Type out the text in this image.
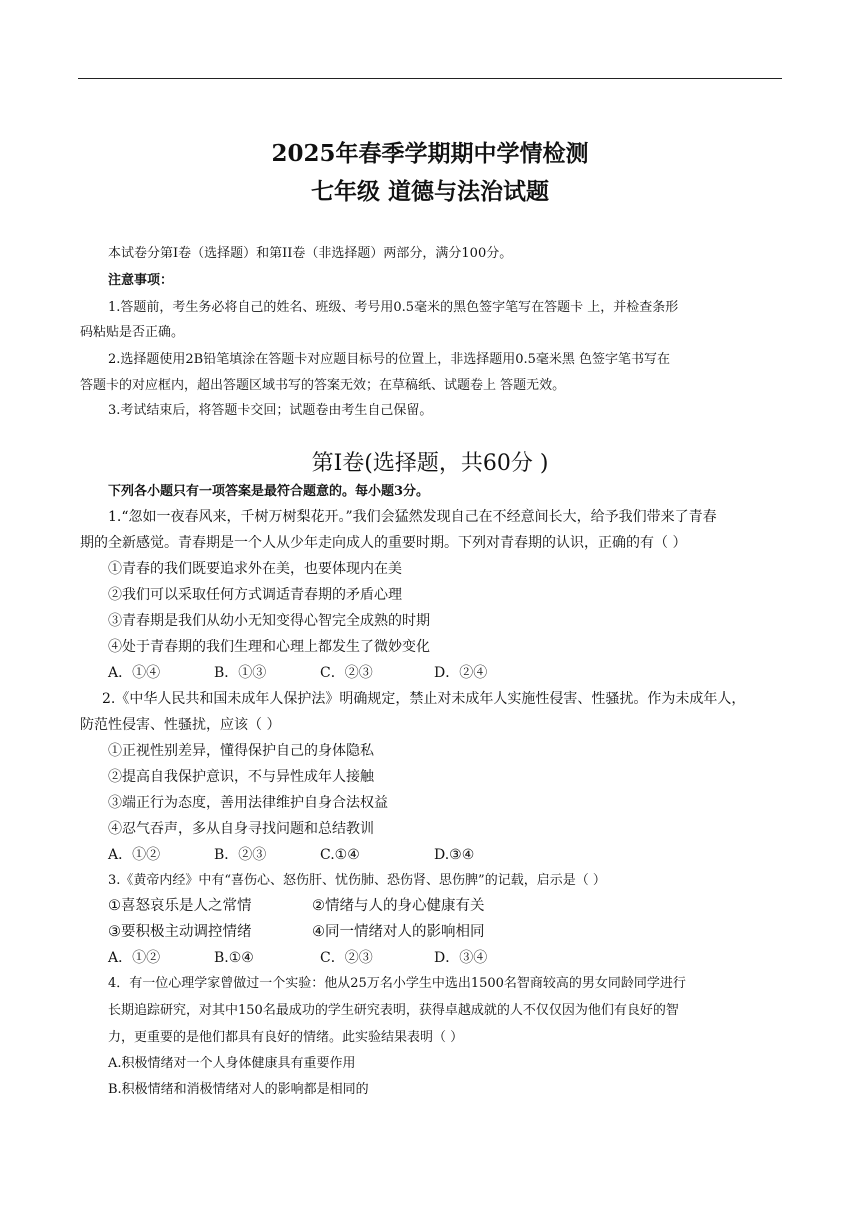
2025年春季学期期中学情检测
七年级 道德与法治试题
本试卷分第Ⅰ卷（选择题）和第II卷（非选择题）两部分，满分100分。
注意事项：
1.答题前，考生务必将自己的姓名、班级、考号用0.5毫米的黑色签字笔写在答题卡 上，并检查条形
码粘贴是否正确。
2.选择题使用2B铅笔填涂在答题卡对应题目标号的位置上，非选择题用0.5毫米黑 色签字笔书写在
答题卡的对应框内，超出答题区域书写的答案无效；在草稿纸、试题卷上 答题无效。
3.考试结束后，将答题卡交回；试题卷由考生自己保留。
第Ⅰ卷(选择题，共60分 )
下列各小题只有一项答案是最符合题意的。每小题3分。
1.“忽如一夜春风来，千树万树梨花开。”我们会猛然发现自己在不经意间长大，给予我们带来了青春
期的全新感觉。青春期是一个人从少年走向成人的重要时期。下列对青春期的认识，正确的有（ ）
①青春的我们既要追求外在美，也要体现内在美
②我们可以采取任何方式调适青春期的矛盾心理
③青春期是我们从幼小无知变得心智完全成熟的时期
④处于青春期的我们生理和心理上都发生了微妙变化
A．①④	B．①③	C．②③	D．②④
2.《中华人民共和国未成年人保护法》明确规定，禁止对未成年人实施性侵害、性骚扰。作为未成年人，
防范性侵害、性骚扰，应该（ ）
①正视性别差异，懂得保护自己的身体隐私
②提高自我保护意识，不与异性成年人接触
③端正行为态度，善用法律维护自身合法权益
④忍气吞声，多从自身寻找问题和总结教训
A．①②	B．②③	C.①④	D.③④
3.《黄帝内经》中有“喜伤心、怒伤肝、忧伤肺、恐伤肾、思伤脾”的记载，启示是（ ）
①喜怒哀乐是人之常情	②情绪与人的身心健康有关
③要积极主动调控情绪	④同一情绪对人的影响相同
A．①②	B.①④	C．②③	D．③④
4．有一位心理学家曾做过一个实验：他从25万名小学生中选出1500名智商较高的男女同龄同学进行
长期追踪研究，对其中150名最成功的学生研究表明，获得卓越成就的人不仅仅因为他们有良好的智
力，更重要的是他们都具有良好的情绪。此实验结果表明（ ）
A.积极情绪对一个人身体健康具有重要作用
B.积极情绪和消极情绪对人的影响都是相同的
